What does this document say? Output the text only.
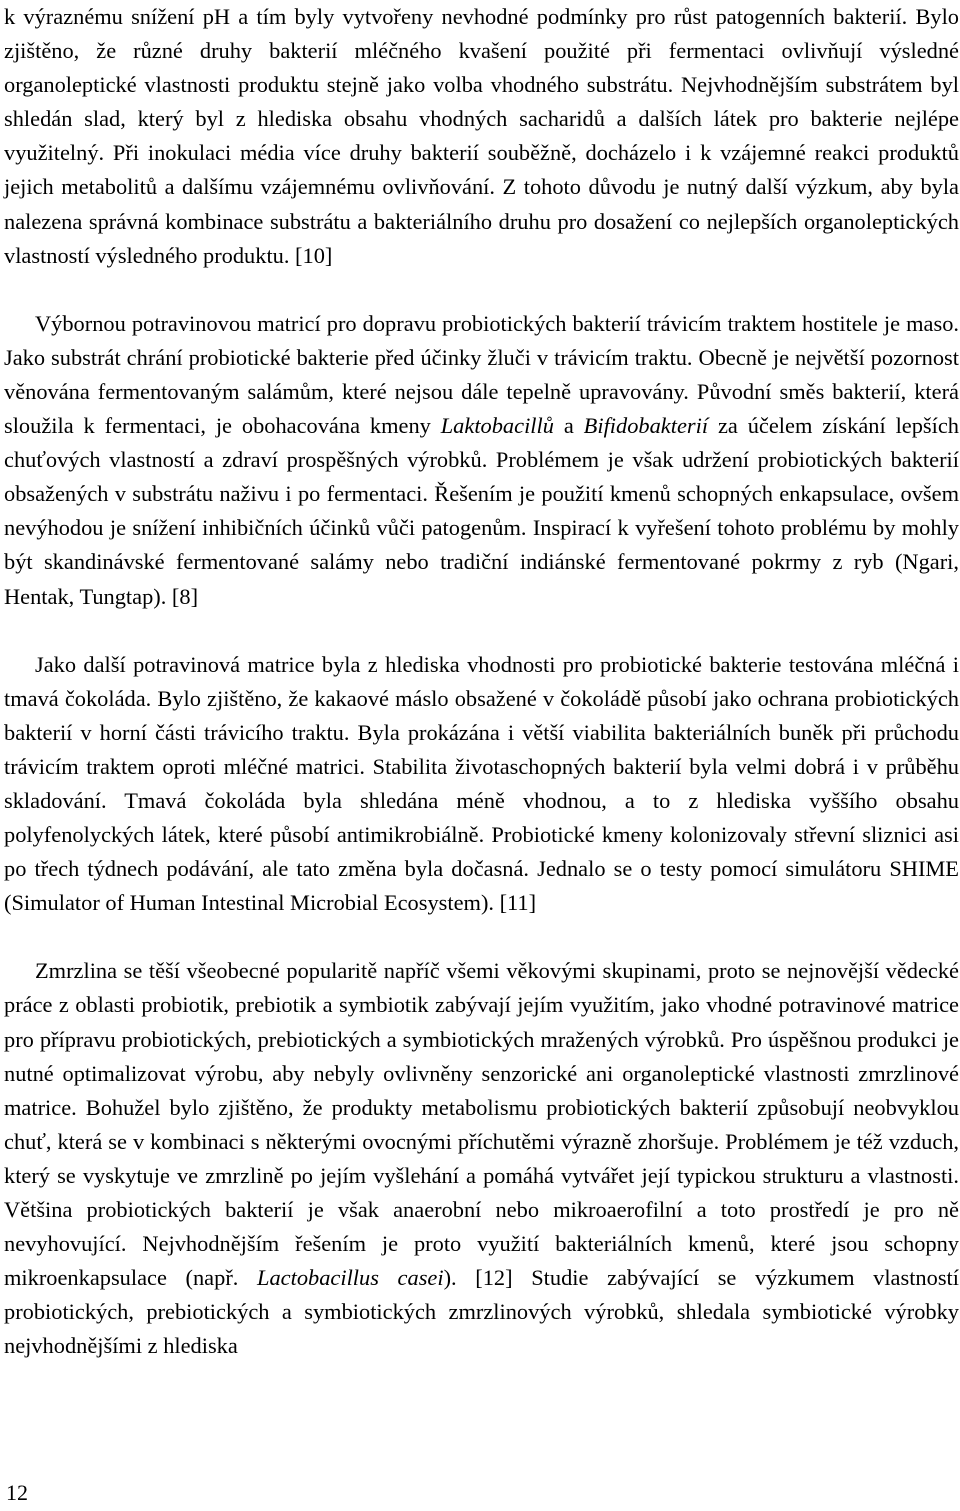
k výraznému snížení pH a tím byly vytvořeny nevhodné podmínky pro růst patogenních bakterií. Bylo zjištěno, že různé druhy bakterií mléčného kvašení použité při fermentaci ovlivňují výsledné organoleptické vlastnosti produktu stejně jako volba vhodného substrátu. Nejvhodnějším substrátem byl shledán slad, který byl z hlediska obsahu vhodných sacharidů a dalších látek pro bakterie nejlépe využitelný. Při inokulaci média více druhy bakterií souběžně, docházelo i k vzájemné reakci produktů jejich metabolitů a dalšímu vzájemnému ovlivňování. Z tohoto důvodu je nutný další výzkum, aby byla nalezena správná kombinace substrátu a bakteriálního druhu pro dosažení co nejlepších organoleptických vlastností výsledného produktu. [10]

Výbornou potravinovou matricí pro dopravu probiotických bakterií trávicím traktem hostitele je maso. Jako substrát chrání probiotické bakterie před účinky žluči v trávicím traktu. Obecně je největší pozornost věnována fermentovaným salámům, které nejsou dále tepelně upravovány. Původní směs bakterií, která sloužila k fermentaci, je obohacována kmeny Laktobacillů a Bifidobakterií za účelem získání lepších chuťových vlastností a zdraví prospěšných výrobků. Problémem je však udržení probiotických bakterií obsažených v substrátu naživu i po fermentaci. Řešením je použití kmenů schopných enkapsulace, ovšem nevýhodou je snížení inhibičních účinků vůči patogenům. Inspirací k vyřešení tohoto problému by mohly být skandinávské fermentované salámy nebo tradiční indiánské fermentované pokrmy z ryb (Ngari, Hentak, Tungtap). [8]

Jako další potravinová matrice byla z hlediska vhodnosti pro probiotické bakterie testována mléčná i tmavá čokoláda. Bylo zjištěno, že kakaové máslo obsažené v čokoládě působí jako ochrana probiotických bakterií v horní části trávicího traktu. Byla prokázána i větší viabilita bakteriálních buněk při průchodu trávicím traktem oproti mléčné matrici. Stabilita životaschopných bakterií byla velmi dobrá i v průběhu skladování. Tmavá čokoláda byla shledána méně vhodnou, a to z hlediska vyššího obsahu polyfenolyckých látek, které působí antimikrobiálně. Probiotické kmeny kolonizovaly střevní sliznici asi po třech týdnech podávání, ale tato změna byla dočasná. Jednalo se o testy pomocí simulátoru SHIME (Simulator of Human Intestinal Microbial Ecosystem). [11]

Zmrzlina se těší všeobecné popularitě napříč všemi věkovými skupinami, proto se nejnovější vědecké práce z oblasti probiotik, prebiotik a symbiotik zabývají jejím využitím, jako vhodné potravinové matrice pro přípravu probiotických, prebiotických a symbiotických mražených výrobků. Pro úspěšnou produkci je nutné optimalizovat výrobu, aby nebyly ovlivněny senzorické ani organoleptické vlastnosti zmrzlinové matrice. Bohužel bylo zjištěno, že produkty metabolismu probiotických bakterií způsobují neobvyklou chuť, která se v kombinaci s některými ovocnými příchutěmi výrazně zhoršuje. Problémem je též vzduch, který se vyskytuje ve zmrzlině po jejím vyšlehání a pomáhá vytvářet její typickou strukturu a vlastnosti. Většina probiotických bakterií je však anaerobní nebo mikroaerofilní a toto prostředí je pro ně nevyhovující. Nejvhodnějším řešením je proto využití bakteriálních kmenů, které jsou schopny mikroenkapsulace (např. Lactobacillus casei). [12] Studie zabývající se výzkumem vlastností probiotických, prebiotických a symbiotických zmrzlinových výrobků, shledala symbiotické výrobky nejvhodnějšími z hlediska

12
